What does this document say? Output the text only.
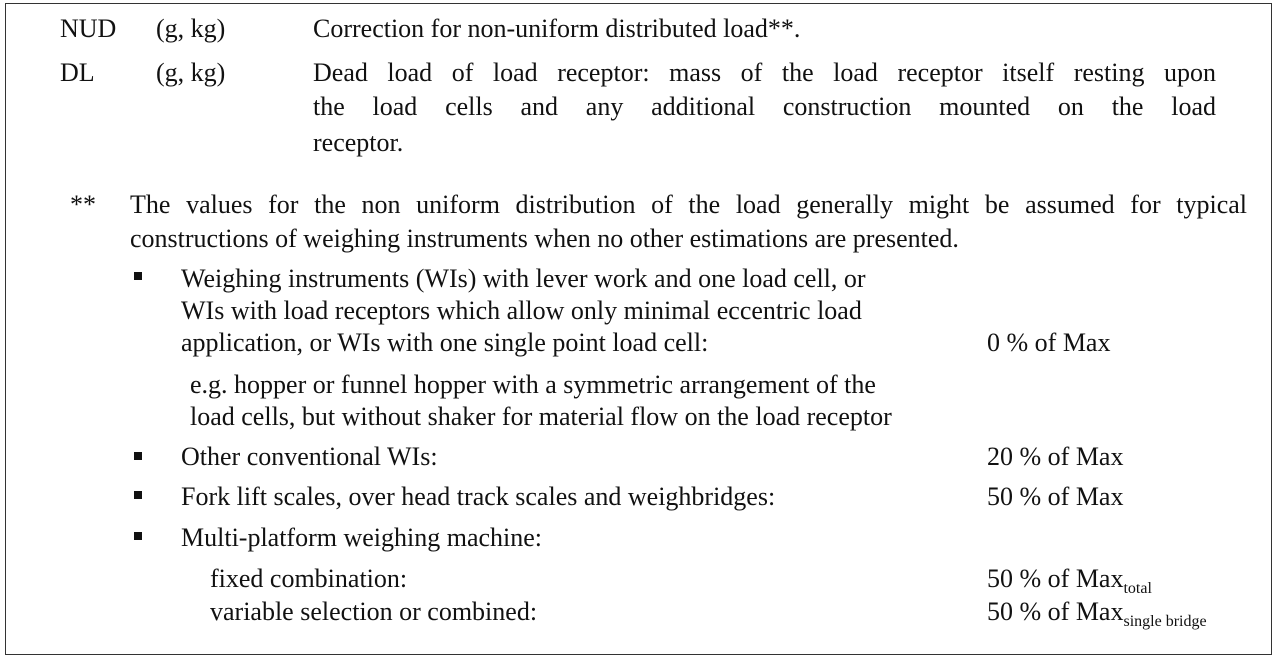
NUD (g, kg)	Correction for non-uniform distributed load**.
DL (g, kg)	Dead load of load receptor: mass of the load receptor itself resting upon
the load cells and any additional construction mounted on the load
receptor.
** The values for the non uniform distribution of the load generally might be assumed for typical
constructions of weighing instruments when no other estimations are presented.
Weighing instruments (WIs) with lever work and one load cell, or
WIs with load receptors which allow only minimal eccentric load
application, or WIs with one single point load cell:	0 % of Max
e.g. hopper or funnel hopper with a symmetric arrangement of the
load cells, but without shaker for material flow on the load receptor
Other conventional WIs:	20 % of Max
Fork lift scales, over head track scales and weighbridges:	50 % of Max
Multi-platform weighing machine:
fixed combination:	50 % of Max$_{total}$
variable selection or combined:	50 % of Max$_{single bridge}$
